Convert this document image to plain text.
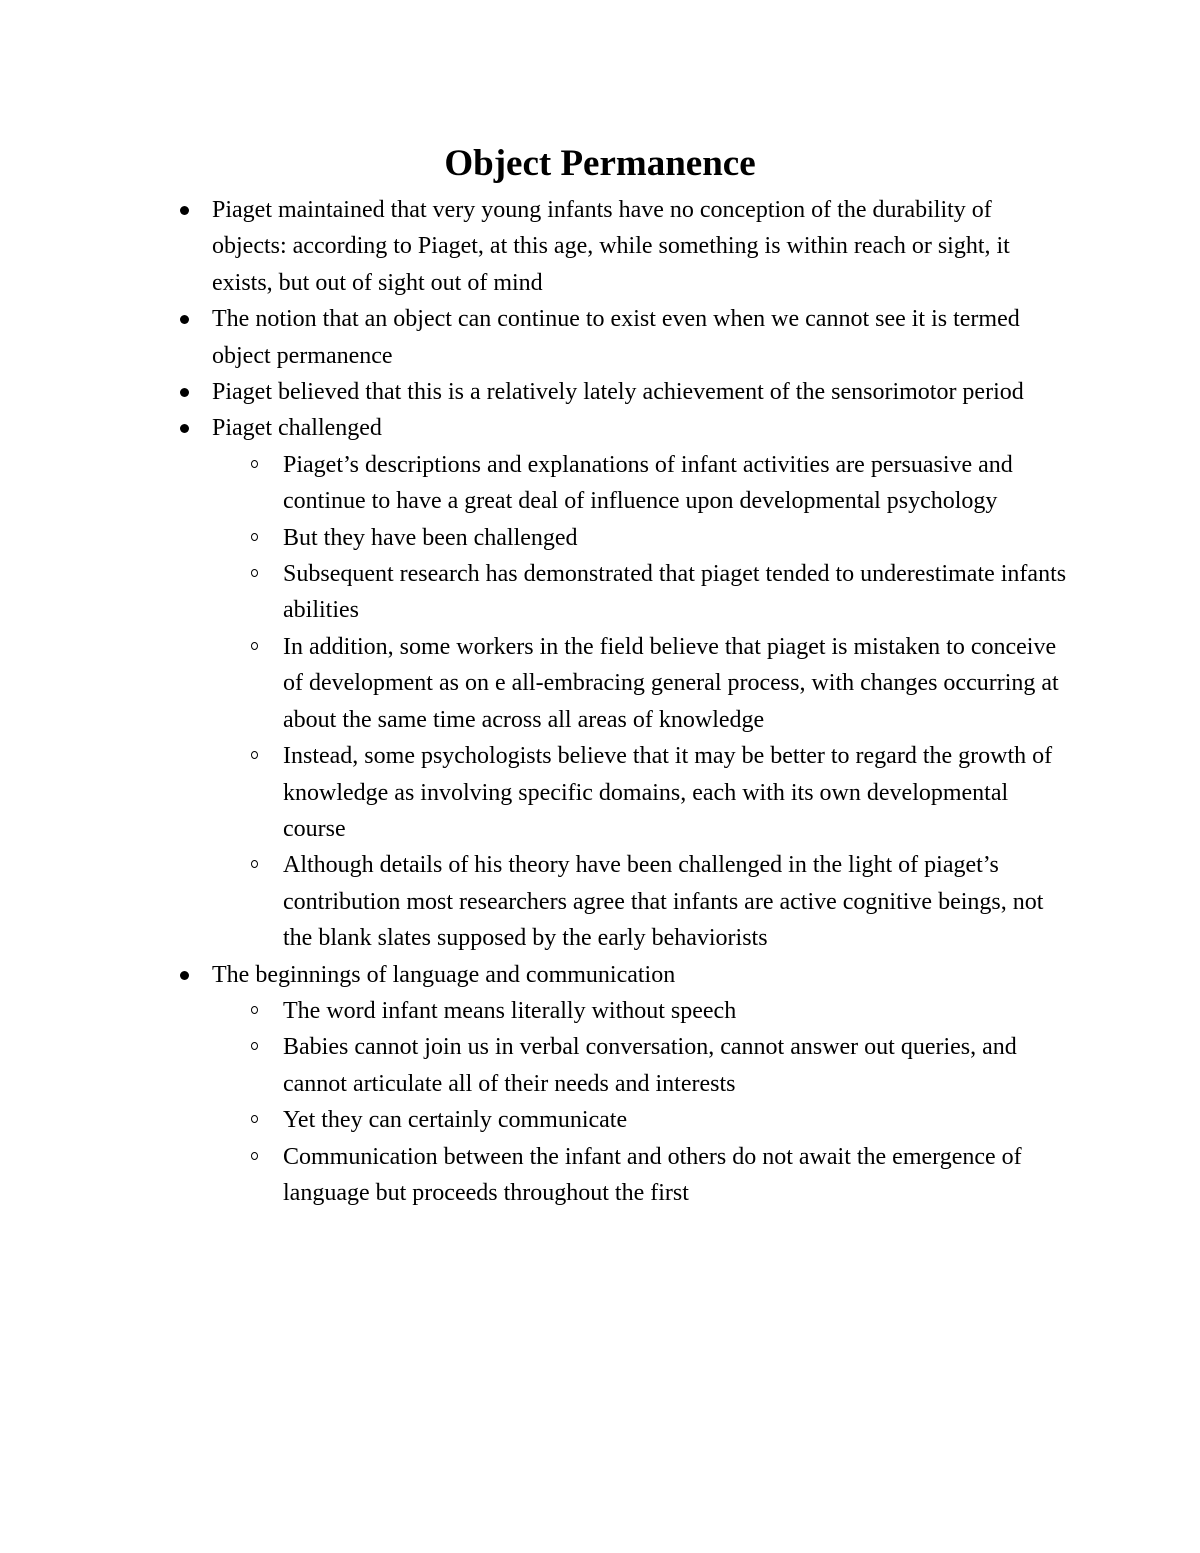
Object Permanence
Piaget maintained that very young infants have no conception of the durability of objects: according to Piaget, at this age, while something is within reach or sight, it exists, but out of sight out of mind
The notion that an object can continue to exist even when we cannot see it is termed object permanence
Piaget believed that this is a relatively lately achievement of the sensorimotor period
Piaget challenged
Piaget’s descriptions and explanations of infant activities are persuasive and continue to have a great deal of influence upon developmental psychology
But they have been challenged
Subsequent research has demonstrated that piaget tended to underestimate infants abilities
In addition, some workers in the field believe that piaget is mistaken to conceive of development as on e all-embracing general process, with changes occurring at about the same time across all areas of knowledge
Instead, some psychologists believe that it may be better to regard the growth of knowledge as involving specific domains, each with its own developmental course
Although details of his theory have been challenged in the light of piaget’s contribution most researchers agree that infants are active cognitive beings, not the blank slates supposed by the early behaviorists
The beginnings of language and communication
The word infant means literally without speech
Babies cannot join us in verbal conversation, cannot answer out queries, and cannot articulate all of their needs and interests
Yet they can certainly communicate
Communication between the infant and others do not await the emergence of language but proceeds throughout the first
